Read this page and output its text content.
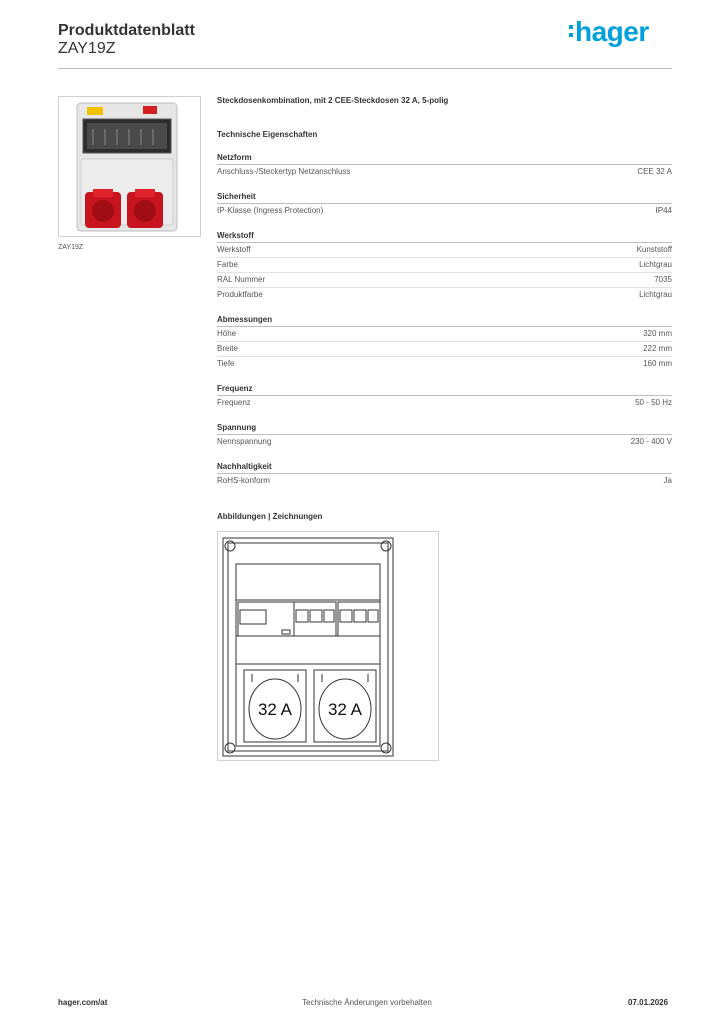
Produktdatenblatt
ZAY19Z
hager
ZAY19Z
Steckdosenkombination, mit 2 CEE-Steckdosen 32 A, 5-polig
Technische Eigenschaften
Netzform
Anschluss-/Steckertyp Netzanschluss	CEE 32 A
Sicherheit
IP-Klasse (Ingress Protection)	IP44
Werkstoff
Werkstoff	Kunststoff
Farbe	Lichtgrau
RAL Nummer	7035
Produktfarbe	Lichtgrau
Abmessungen
Höhe	320 mm
Breite	222 mm
Tiefe	160 mm
Frequenz
Frequenz	50 - 50 Hz
Spannung
Nennspannung	230 - 400 V
Nachhaltigkeit
RoHS-konform	Ja
Abbildungen | Zeichnungen
32 A 32 A
hager.com/at	Technische Änderungen vorbehalten	07.01.2026
